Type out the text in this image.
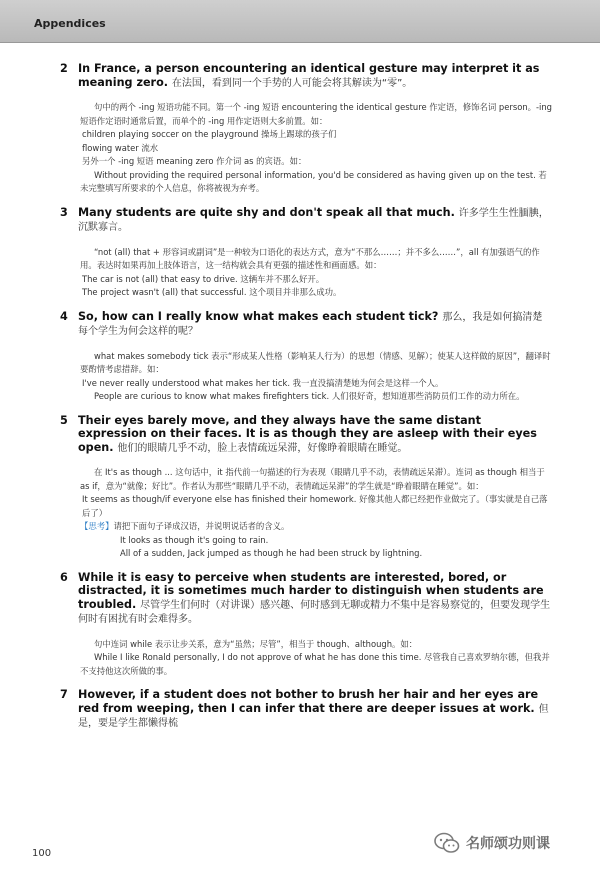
Appendices
2 In France, a person encountering an identical gesture may interpret it as meaning zero. 在法国，看到同一个手势的人可能会将其解读为“零”。

句中的两个 -ing 短语功能不同。第一个 -ing 短语 encountering the identical gesture 作定语，修饰名词 person。-ing 短语作定语时通常后置，而单个的 -ing 用作定语则大多前置。如：

children playing soccer on the playground 操场上踢球的孩子们

flowing water 流水

另外一个 -ing 短语 meaning zero 作介词 as 的宾语。如：

Without providing the required personal information, you'd be considered as having given up on the test. 若未完整填写所要求的个人信息，你将被视为弃考。

3 Many students are quite shy and don't speak all that much. 许多学生生性腼腆，沉默寡言。

“not (all) that + 形容词或副词”是一种较为口语化的表达方式，意为“不那么……；并不多么……”，all 有加强语气的作用。表达时如果再加上肢体语言，这一结构就会具有更强的描述性和画面感。如：

The car is not (all) that easy to drive. 这辆车并不那么好开。

The project wasn't (all) that successful. 这个项目并非那么成功。

4 So, how can I really know what makes each student tick? 那么，我是如何搞清楚每个学生为何会这样的呢？

what makes somebody tick 表示“形成某人性格（影响某人行为）的思想（情感、见解）；使某人这样做的原因”，翻译时要酌情考虑措辞。如：

I've never really understood what makes her tick. 我一直没搞清楚她为何会是这样一个人。

People are curious to know what makes firefighters tick. 人们很好奇，想知道那些消防员们工作的动力所在。

5 Their eyes barely move, and they always have the same distant expression on their faces. It is as though they are asleep with their eyes open. 他们的眼睛几乎不动，脸上表情疏远呆滞，好像睁着眼睛在睡觉。

在 It's as though ... 这句话中，it 指代前一句描述的行为表现（眼睛几乎不动，表情疏远呆滞）。连词 as though 相当于 as if，意为“就像；好比”。作者认为那些“眼睛几乎不动，表情疏远呆滞”的学生就是“睁着眼睛在睡觉”。如：

It seems as though/if everyone else has finished their homework. 好像其他人都已经把作业做完了。（事实就是自己落后了）

【思考】请把下面句子译成汉语，并说明说话者的含义。

It looks as though it's going to rain.

All of a sudden, Jack jumped as though he had been struck by lightning.

6 While it is easy to perceive when students are interested, bored, or distracted, it is sometimes much harder to distinguish when students are troubled. 尽管学生们何时（对讲课）感兴趣、何时感到无聊或精力不集中是容易察觉的，但要发现学生何时有困扰有时会难得多。

句中连词 while 表示让步关系，意为“虽然；尽管”，相当于 though、although。如：

While I like Ronald personally, I do not approve of what he has done this time. 尽管我自己喜欢罗纳尔德，但我并不支持他这次所做的事。

7 However, if a student does not bother to brush her hair and her eyes are red from weeping, then I can infer that there are deeper issues at work. 但是，要是学生都懒得梳
100
名师颂功则课
